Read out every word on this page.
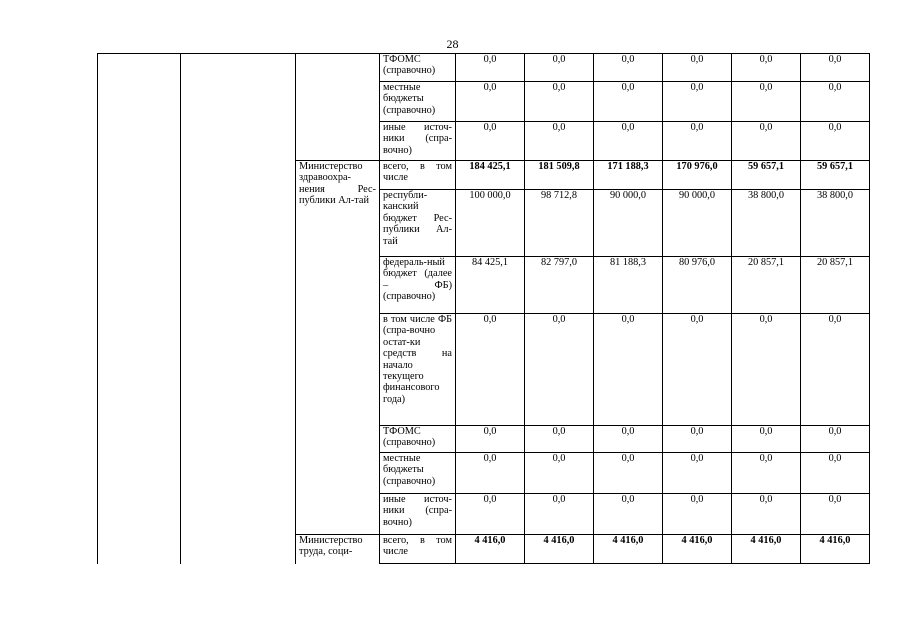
28
			ТФОМС (справочно)	0,0	0,0	0,0	0,0	0,0	0,0
			местные бюджеты (справочно)	0,0	0,0	0,0	0,0	0,0	0,0
			иные источ-ники (спра-вочно)	0,0	0,0	0,0	0,0	0,0	0,0
		Министерство здравоохра-нения Рес-публики Ал-тай	всего, в том числе	184 425,1	181 509,8	171 188,3	170 976,0	59 657,1	59 657,1
			республи-канский бюджет Рес-публики Ал-тай	100 000,0	98 712,8	90 000,0	90 000,0	38 800,0	38 800,0
			федераль-ный бюджет (далее – ФБ) (справочно)	84 425,1	82 797,0	81 188,3	80 976,0	20 857,1	20 857,1
			в том числе ФБ (спра-вочно остат-ки средств на начало текущего финансового года)	0,0	0,0	0,0	0,0	0,0	0,0
			ТФОМС (справочно)	0,0	0,0	0,0	0,0	0,0	0,0
			местные бюджеты (справочно)	0,0	0,0	0,0	0,0	0,0	0,0
			иные источ-ники (спра-вочно)	0,0	0,0	0,0	0,0	0,0	0,0
		Министерство труда, соци-	всего, в том числе	4 416,0	4 416,0	4 416,0	4 416,0	4 416,0	4 416,0
